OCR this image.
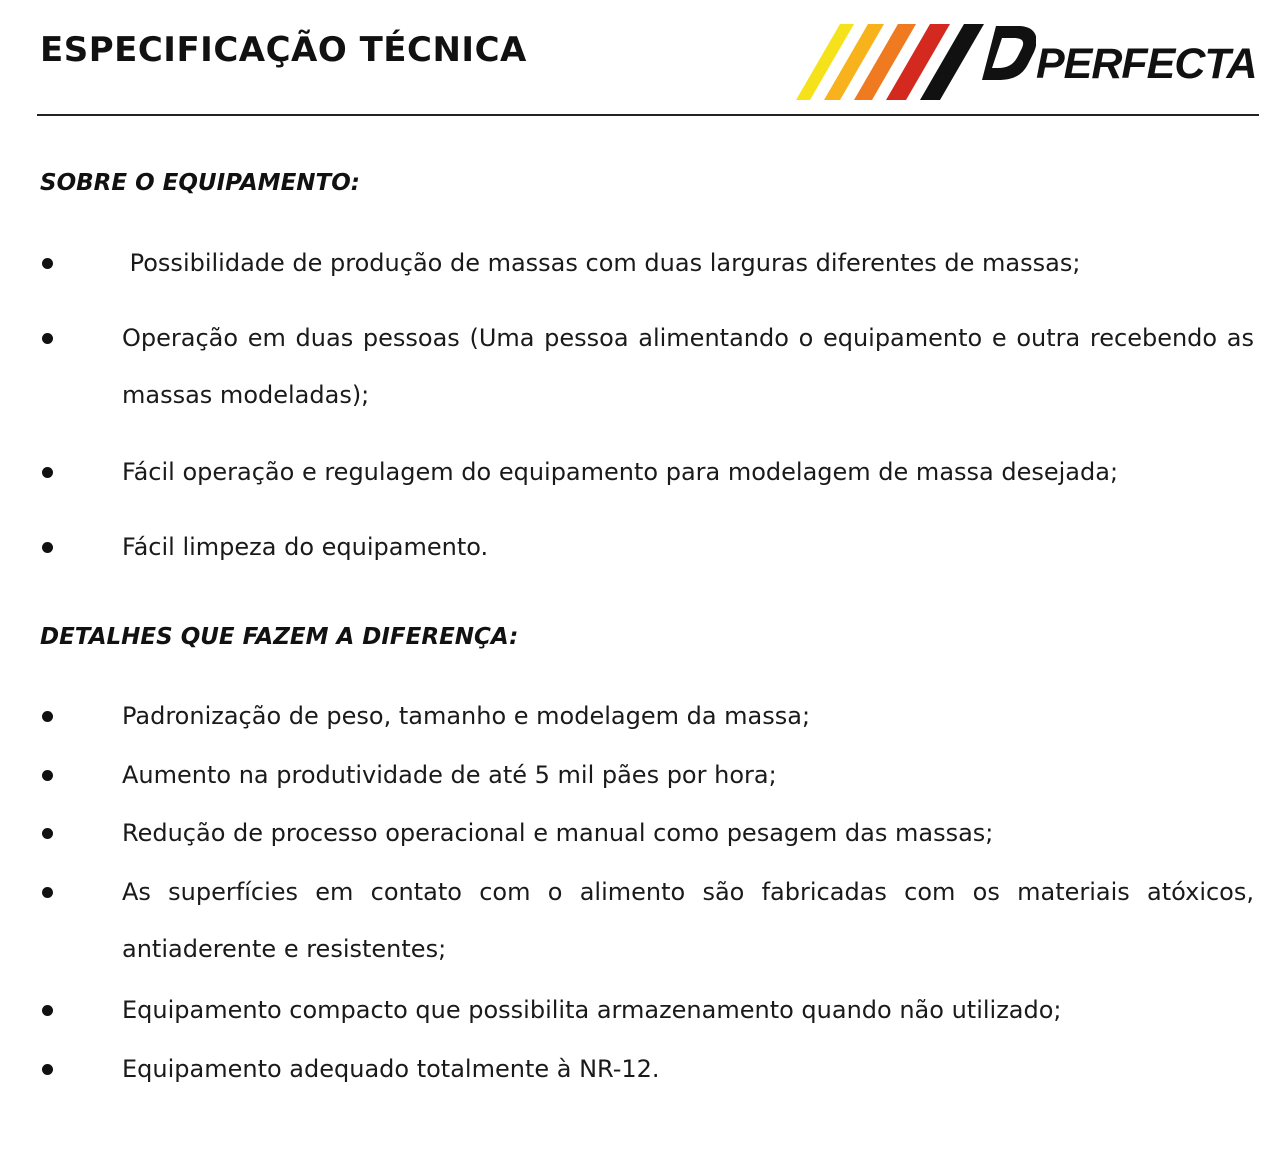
ESPECIFICAÇÃO TÉCNICA	PERFECTA
SOBRE O EQUIPAMENTO:
Possibilidade de produção de massas com duas larguras diferentes de massas;
Operação em duas pessoas (Uma pessoa alimentando o equipamento e outra recebendo as massas modeladas);
Fácil operação e regulagem do equipamento para modelagem de massa desejada;
Fácil limpeza do equipamento.
DETALHES QUE FAZEM A DIFERENÇA:
Padronização de peso, tamanho e modelagem da massa;
Aumento na produtividade de até 5 mil pães por hora;
Redução de processo operacional e manual como pesagem das massas;
As superfícies em contato com o alimento são fabricadas com os materiais atóxicos, antiaderente e resistentes;
Equipamento compacto que possibilita armazenamento quando não utilizado;
Equipamento adequado totalmente à NR-12.
